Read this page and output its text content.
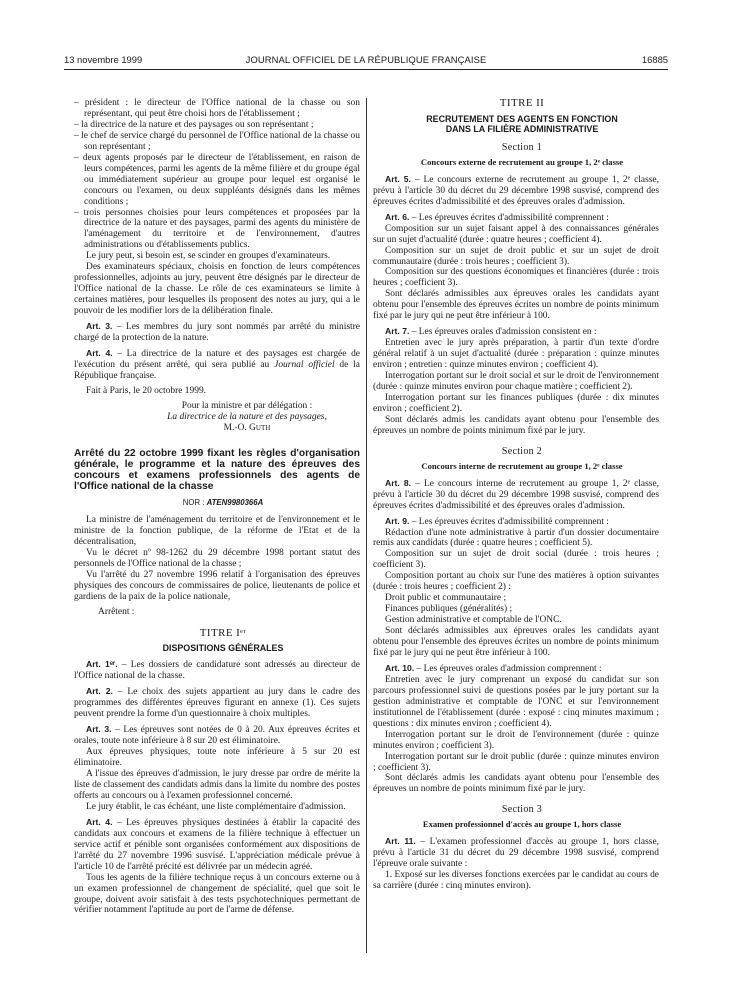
13 novembre 1999	JOURNAL OFFICIEL DE LA RÉPUBLIQUE FRANÇAISE	16885

– président : le directeur de l'Office national de la chasse ou son représentant, qui peut être choisi hors de l'établissement ;

– la directrice de la nature et des paysages ou son représentant ;

– le chef de service chargé du personnel de l'Office national de la chasse ou son représentant ;

– deux agents proposés par le directeur de l'établissement, en raison de leurs compétences, parmi les agents de la même filière et du groupe égal ou immédiatement supérieur au groupe pour lequel est organisé le concours ou l'examen, ou deux suppléants désignés dans les mêmes conditions ;

– trois personnes choisies pour leurs compétences et proposées par la directrice de la nature et des paysages, parmi des agents du ministère de l'aménagement du territoire et de l'environnement, d'autres administrations ou d'établissements publics.

Le jury peut, si besoin est, se scinder en groupes d'examinateurs.

Des examinateurs spéciaux, choisis en fonction de leurs compétences professionnelles, adjoints au jury, peuvent être désignés par le directeur de l'Office national de la chasse. Le rôle de ces examinateurs se limite à certaines matières, pour lesquelles ils proposent des notes au jury, qui a le pouvoir de les modifier lors de la délibération finale.

Art. 3. – Les membres du jury sont nommés par arrêté du ministre chargé de la protection de la nature.

Art. 4. – La directrice de la nature et des paysages est chargée de l'exécution du présent arrêté, qui sera publié au Journal officiel de la République française.

Fait à Paris, le 20 octobre 1999.

Pour la ministre et par délégation :

La directrice de la nature et des paysages,

M.-O. Guth

Arrêté du 22 octobre 1999 fixant les règles d'organisation générale, le programme et la nature des épreuves des concours et examens professionnels des agents de l'Office national de la chasse

NOR : ATEN9980366A

La ministre de l'aménagement du territoire et de l'environnement et le ministre de la fonction publique, de la réforme de l'Etat et de la décentralisation,

Vu le décret nº 98-1262 du 29 décembre 1998 portant statut des personnels de l'Office national de la chasse ;

Vu l'arrêté du 27 novembre 1996 relatif à l'organisation des épreuves physiques des concours de commissaires de police, lieutenants de police et gardiens de la paix de la police nationale,

Arrêtent :

TITRE Iᵉʳ

DISPOSITIONS GÉNÉRALES

Art. 1ᵉʳ. – Les dossiers de candidature sont adressés au directeur de l'Office national de la chasse.

Art. 2. – Le choix des sujets appartient au jury dans le cadre des programmes des différentes épreuves figurant en annexe (1). Ces sujets peuvent prendre la forme d'un questionnaire à choix multiples.

Art. 3. – Les épreuves sont notées de 0 à 20. Aux épreuves écrites et orales, toute note inférieure à 8 sur 20 est éliminatoire.

Aux épreuves physiques, toute note inférieure à 5 sur 20 est éliminatoire.

A l'issue des épreuves d'admission, le jury dresse par ordre de mérite la liste de classement des candidats admis dans la limite du nombre des postes offerts au concours ou à l'examen professionnel concerné.

Le jury établit, le cas échéant, une liste complémentaire d'admission.

Art. 4. – Les épreuves physiques destinées à établir la capacité des candidats aux concours et examens de la filière technique à effectuer un service actif et pénible sont organisées conformément aux dispositions de l'arrêté du 27 novembre 1996 susvisé. L'appréciation médicale prévue à l'article 10 de l'arrêté précité est délivrée par un médecin agréé.

Tous les agents de la filière technique reçus à un concours externe ou à un examen professionnel de changement de spécialité, quel que soit le groupe, doivent avoir satisfait à des tests psychotechniques permettant de vérifier notamment l'aptitude au port de l'arme de défense.

TITRE II

RECRUTEMENT DES AGENTS EN FONCTION

DANS LA FILIÈRE ADMINISTRATIVE

Section 1

Concours externe de recrutement au groupe 1, 2ᵉ classe

Art. 5. – Le concours externe de recrutement au groupe 1, 2ᵉ classe, prévu à l'article 30 du décret du 29 décembre 1998 susvisé, comprend des épreuves écrites d'admissibilité et des épreuves orales d'admission.

Art. 6. – Les épreuves écrites d'admissibilité comprennent :

Composition sur un sujet faisant appel à des connaissances générales sur un sujet d'actualité (durée : quatre heures ; coefficient 4).

Composition sur un sujet de droit public et sur un sujet de droit communautaire (durée : trois heures ; coefficient 3).

Composition sur des questions économiques et financières (durée : trois heures ; coefficient 3).

Sont déclarés admissibles aux épreuves orales les candidats ayant obtenu pour l'ensemble des épreuves écrites un nombre de points minimum fixé par le jury qui ne peut être inférieur à 100.

Art. 7. – Les épreuves orales d'admission consistent en :

Entretien avec le jury après préparation, à partir d'un texte d'ordre général relatif à un sujet d'actualité (durée : préparation : quinze minutes environ ; entretien : quinze minutes environ ; coefficient 4).

Interrogation portant sur le droit social et sur le droit de l'environnement (durée : quinze minutes environ pour chaque matière ; coefficient 2).

Interrogation portant sur les finances publiques (durée : dix minutes environ ; coefficient 2).

Sont déclarés admis les candidats ayant obtenu pour l'ensemble des épreuves un nombre de points minimum fixé par le jury.

Section 2

Concours interne de recrutement au groupe 1, 2ᵉ classe

Art. 8. – Le concours interne de recrutement au groupe 1, 2ᵉ classe, prévu à l'article 30 du décret du 29 décembre 1998 susvisé, comprend des épreuves écrites d'admissibilité et des épreuves orales d'admission.

Art. 9. – Les épreuves écrites d'admissibilité comprennent :

Rédaction d'une note administrative à partir d'un dossier documentaire remis aux candidats (durée : quatre heures ; coefficient 5).

Composition sur un sujet de droit social (durée : trois heures ; coefficient 3).

Composition portant au choix sur l'une des matières à option suivantes (durée : trois heures ; coefficient 2) :

Droit public et communautaire ;

Finances publiques (généralités) ;

Gestion administrative et comptable de l'ONC.

Sont déclarés admissibles aux épreuves orales les candidats ayant obtenu pour l'ensemble des épreuves écrites un nombre de points minimum fixé par le jury qui ne peut être inférieur à 100.

Art. 10. – Les épreuves orales d'admission comprennent :

Entretien avec le jury comprenant un exposé du candidat sur son parcours professionnel suivi de questions posées par le jury portant sur la gestion administrative et comptable de l'ONC et sur l'environnement institutionnel de l'établissement (durée : exposé : cinq minutes maximum ; questions : dix minutes environ ; coefficient 4).

Interrogation portant sur le droit de l'environnement (durée : quinze minutes environ ; coefficient 3).

Interrogation portant sur le droit public (durée : quinze minutes environ ; coefficient 3).

Sont déclarés admis les candidats ayant obtenu pour l'ensemble des épreuves un nombre de points minimum fixé par le jury.

Section 3

Examen professionnel d'accès au groupe 1, hors classe

Art. 11. – L'examen professionnel d'accès au groupe 1, hors classe, prévu à l'article 31 du décret du 29 décembre 1998 susvisé, comprend l'épreuve orale suivante :

1. Exposé sur les diverses fonctions exercées par le candidat au cours de sa carrière (durée : cinq minutes environ).
